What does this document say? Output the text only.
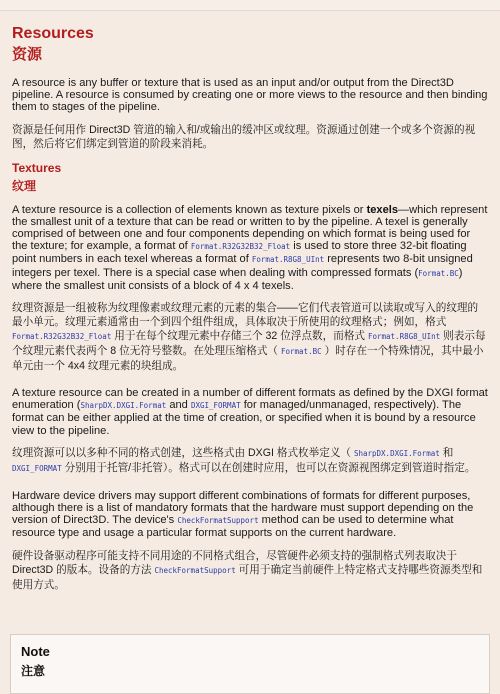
Resources
资源

A resource is any buffer or texture that is used as an input and/or output from the Direct3D pipeline. A resource is consumed by creating one or more views to the resource and then binding them to stages of the pipeline.

资源是任何用作 Direct3D 管道的输入和/或输出的缓冲区或纹理。资源通过创建一个或多个资源的视图，然后将它们绑定到管道的阶段来消耗。

Textures
纹理

A texture resource is a collection of elements known as texture pixels or texels—which represent the smallest unit of a texture that can be read or written to by the pipeline. A texel is generally comprised of between one and four components depending on which format is being used for the texture; for example, a format of Format.R32G32B32_Float is used to store three 32-bit floating point numbers in each texel whereas a format of Format.R8G8_UInt represents two 8-bit unsigned integers per texel. There is a special case when dealing with compressed formats (Format.BC) where the smallest unit consists of a block of 4 x 4 texels.

纹理资源是一组被称为纹理像素或纹理元素的元素的集合——它们代表管道可以读取或写入的纹理的最小单元。纹理元素通常由一个到四个组件组成，具体取决于所使用的纹理格式；例如，格式 Format.R32G32B32_Float 用于在每个纹理元素中存储三个 32 位浮点数，而格式 Format.R8G8_UInt 则表示每个纹理元素代表两个 8 位无符号整数。在处理压缩格式（ Format.BC ）时存在一个特殊情况，其中最小单元由一个 4x4 纹理元素的块组成。

A texture resource can be created in a number of different formats as defined by the DXGI format enumeration (SharpDX.DXGI.Format and DXGI_FORMAT for managed/unmanaged, respectively). The format can be either applied at the time of creation, or specified when it is bound by a resource view to the pipeline.

纹理资源可以以多种不同的格式创建，这些格式由 DXGI 格式枚举定义（ SharpDX.DXGI.Format 和 DXGI_FORMAT 分别用于托管/非托管）。格式可以在创建时应用，也可以在资源视图绑定到管道时指定。

Hardware device drivers may support different combinations of formats for different purposes, although there is a list of mandatory formats that the hardware must support depending on the version of Direct3D. The device's CheckFormatSupport method can be used to determine what resource type and usage a particular format supports on the current hardware.

硬件设备驱动程序可能支持不同用途的不同格式组合，尽管硬件必须支持的强制格式列表取决于 Direct3D 的版本。设备的方法 CheckFormatSupport 可用于确定当前硬件上特定格式支持哪些资源类型和使用方式。

Note
注意
